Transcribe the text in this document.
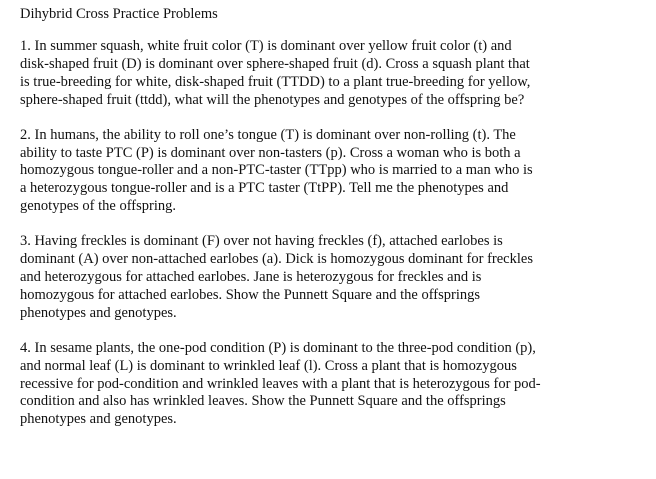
Dihybrid Cross Practice Problems
1. In summer squash, white fruit color (T) is dominant over yellow fruit color (t) and
disk-shaped fruit (D) is dominant over sphere-shaped fruit (d). Cross a squash plant that
is true-breeding for white, disk-shaped fruit (TTDD) to a plant true-breeding for yellow,
sphere-shaped fruit (ttdd), what will the phenotypes and genotypes of the offspring be?
2. In humans, the ability to roll one’s tongue (T) is dominant over non-rolling (t). The
ability to taste PTC (P) is dominant over non-tasters (p). Cross a woman who is both a
homozygous tongue-roller and a non-PTC-taster (TTpp) who is married to a man who is
a heterozygous tongue-roller and is a PTC taster (TtPP). Tell me the phenotypes and
genotypes of the offspring.
3. Having freckles is dominant (F) over not having freckles (f), attached earlobes is
dominant (A) over non-attached earlobes (a). Dick is homozygous dominant for freckles
and heterozygous for attached earlobes. Jane is heterozygous for freckles and is
homozygous for attached earlobes. Show the Punnett Square and the offsprings
phenotypes and genotypes.
4. In sesame plants, the one-pod condition (P) is dominant to the three-pod condition (p),
and normal leaf (L) is dominant to wrinkled leaf (l). Cross a plant that is homozygous
recessive for pod-condition and wrinkled leaves with a plant that is heterozygous for pod-
condition and also has wrinkled leaves. Show the Punnett Square and the offsprings
phenotypes and genotypes.
